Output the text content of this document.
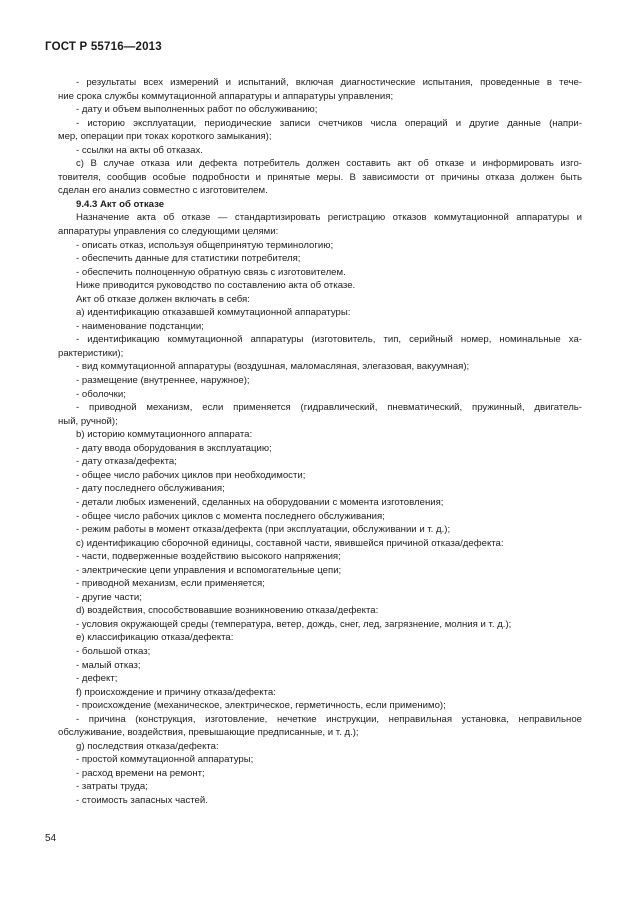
ГОСТ Р 55716—2013
- результаты всех измерений и испытаний, включая диагностические испытания, проведенные в тече-
ние срока службы коммутационной аппаратуры и аппаратуры управления;
- дату и объем выполненных работ по обслуживанию;
- историю эксплуатации, периодические записи счетчиков числа операций и другие данные (напри-
мер, операции при токах короткого замыкания);
- ссылки на акты об отказах.
с) В случае отказа или дефекта потребитель должен составить акт об отказе и информировать изго-
товителя, сообщив особые подробности и принятые меры. В зависимости от причины отказа должен быть
сделан его анализ совместно с изготовителем.
9.4.3 Акт об отказе
Назначение акта об отказе — стандартизировать регистрацию отказов коммутационной аппаратуры и
аппаратуры управления со следующими целями:
- описать отказ, используя общепринятую терминологию;
- обеспечить данные для статистики потребителя;
- обеспечить полноценную обратную связь с изготовителем.
Ниже приводится руководство по составлению акта об отказе.
Акт об отказе должен включать в себя:
а) идентификацию отказавшей коммутационной аппаратуры:
- наименование подстанции;
- идентификацию коммутационной аппаратуры (изготовитель, тип, серийный номер, номинальные ха-
рактеристики);
- вид коммутационной аппаратуры (воздушная, маломасляная, элегазовая, вакуумная);
- размещение (внутреннее, наружное);
- оболочки;
- приводной механизм, если применяется (гидравлический, пневматический, пружинный, двигатель-
ный, ручной);
b) историю коммутационного аппарата:
- дату ввода оборудования в эксплуатацию;
- дату отказа/дефекта;
- общее число рабочих циклов при необходимости;
- дату последнего обслуживания;
- детали любых изменений, сделанных на оборудовании с момента изготовления;
- общее число рабочих циклов с момента последнего обслуживания;
- режим работы в момент отказа/дефекта (при эксплуатации, обслуживании и т. д.);
с) идентификацию сборочной единицы, составной части, явившейся причиной отказа/дефекта:
- части, подверженные воздействию высокого напряжения;
- электрические цепи управления и вспомогательные цепи;
- приводной механизм, если применяется;
- другие части;
d) воздействия, способствовавшие возникновению отказа/дефекта:
- условия окружающей среды (температура, ветер, дождь, снег, лед, загрязнение, молния и т. д.);
е) классификацию отказа/дефекта:
- большой отказ;
- малый отказ;
- дефект;
f) происхождение и причину отказа/дефекта:
- происхождение (механическое, электрическое, герметичность, если применимо);
- причина (конструкция, изготовление, нечеткие инструкции, неправильная установка, неправильное
обслуживание, воздействия, превышающие предписанные, и т. д.);
g) последствия отказа/дефекта:
- простой коммутационной аппаратуры;
- расход времени на ремонт;
- затраты труда;
- стоимость запасных частей.
54
